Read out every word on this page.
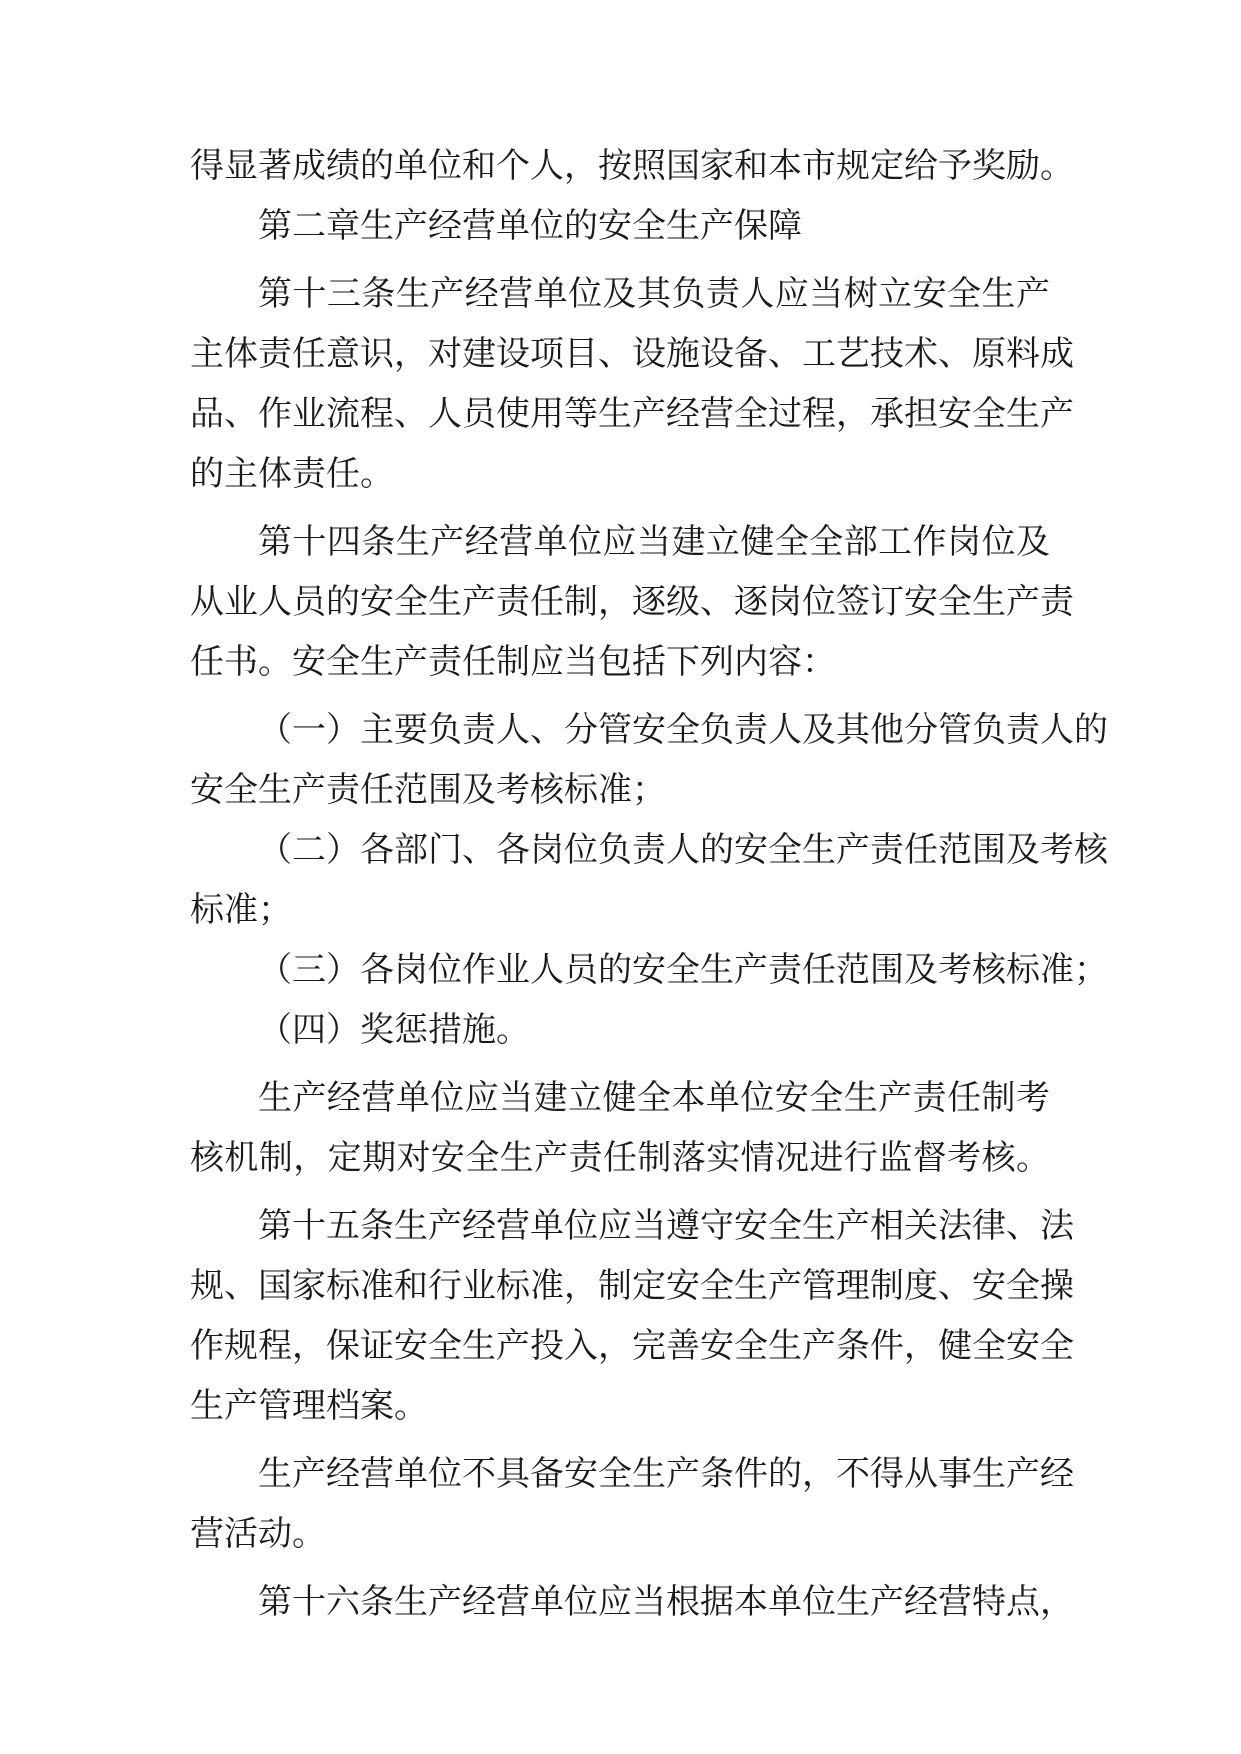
得显著成绩的单位和个人，按照国家和本市规定给予奖励。
第二章生产经营单位的安全生产保障
第十三条生产经营单位及其负责人应当树立安全生产
主体责任意识，对建设项目、设施设备、工艺技术、原料成
品、作业流程、人员使用等生产经营全过程，承担安全生产
的主体责任。
第十四条生产经营单位应当建立健全全部工作岗位及
从业人员的安全生产责任制，逐级、逐岗位签订安全生产责
任书。安全生产责任制应当包括下列内容：
（一）主要负责人、分管安全负责人及其他分管负责人的
安全生产责任范围及考核标准；
（二）各部门、各岗位负责人的安全生产责任范围及考核
标准；
（三）各岗位作业人员的安全生产责任范围及考核标准；
（四）奖惩措施。
生产经营单位应当建立健全本单位安全生产责任制考
核机制，定期对安全生产责任制落实情况进行监督考核。
第十五条生产经营单位应当遵守安全生产相关法律、法
规、国家标准和行业标准，制定安全生产管理制度、安全操
作规程，保证安全生产投入，完善安全生产条件，健全安全
生产管理档案。
生产经营单位不具备安全生产条件的，不得从事生产经
营活动。
第十六条生产经营单位应当根据本单位生产经营特点，
